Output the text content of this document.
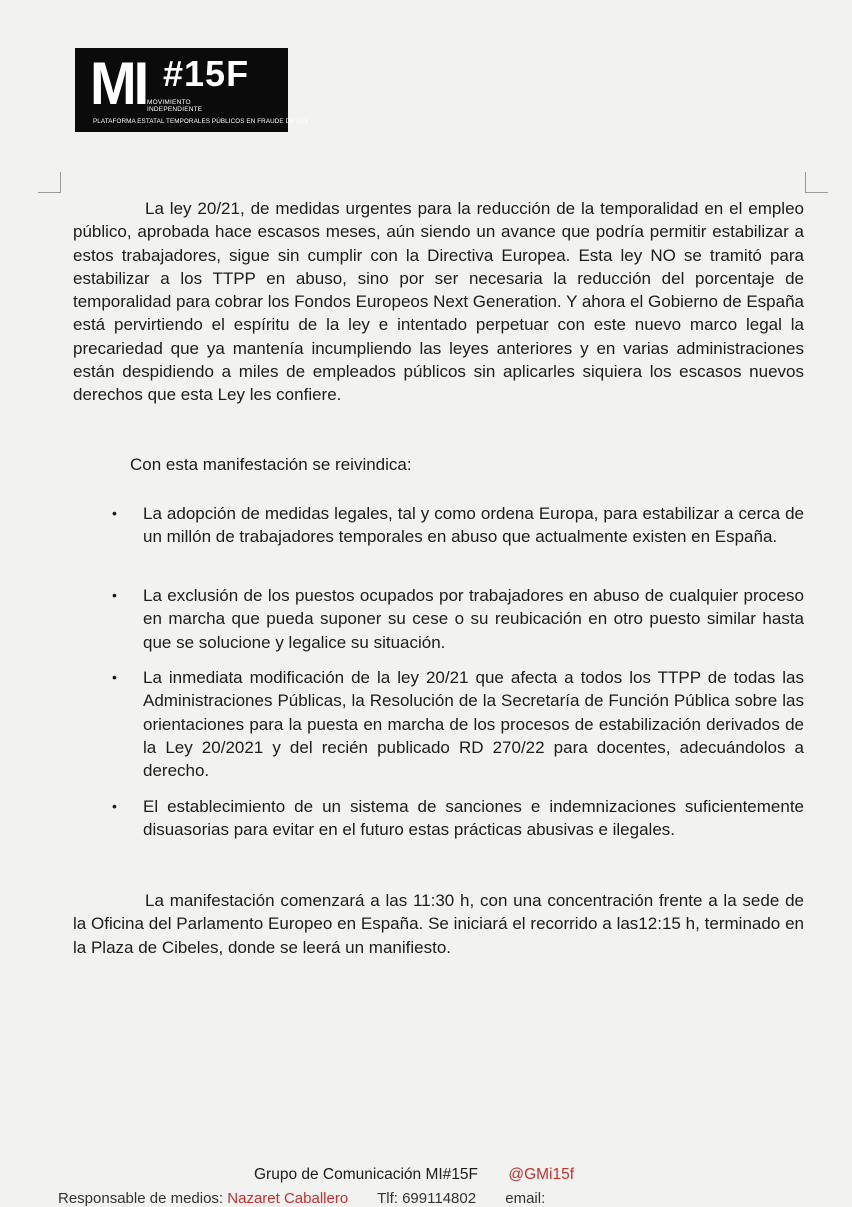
MI #15F
MOVIMIENTO INDEPENDIENTE
PLATAFORMA ESTATAL TEMPORALES PÚBLICOS EN FRAUDE DE LEY

La ley 20/21, de medidas urgentes para la reducción de la temporalidad en el empleo público, aprobada hace escasos meses, aún siendo un avance que podría permitir estabilizar a estos trabajadores, sigue sin cumplir con la Directiva Europea. Esta ley NO se tramitó para estabilizar a los TTPP en abuso, sino por ser necesaria la reducción del porcentaje de temporalidad para cobrar los Fondos Europeos Next Generation. Y ahora el Gobierno de España está pervirtiendo el espíritu de la ley e intentado perpetuar con este nuevo marco legal la precariedad que ya mantenía incumpliendo las leyes anteriores y en varias administraciones están despidiendo a miles de empleados públicos sin aplicarles siquiera los escasos nuevos derechos que esta Ley les confiere.

Con esta manifestación se reivindica:

• La adopción de medidas legales, tal y como ordena Europa, para estabilizar a cerca de un millón de trabajadores temporales en abuso que actualmente existen en España.
• La exclusión de los puestos ocupados por trabajadores en abuso de cualquier proceso en marcha que pueda suponer su cese o su reubicación en otro puesto similar hasta que se solucione y legalice su situación.
• La inmediata modificación de la ley 20/21 que afecta a todos los TTPP de todas las Administraciones Públicas, la Resolución de la Secretaría de Función Pública sobre las orientaciones para la puesta en marcha de los procesos de estabilización derivados de la Ley 20/2021 y del recién publicado RD 270/22 para docentes, adecuándolos a derecho.
• El establecimiento de un sistema de sanciones e indemnizaciones suficientemente disuasorias para evitar en el futuro estas prácticas abusivas e ilegales.

La manifestación comenzará a las 11:30 h, con una concentración frente a la sede de la Oficina del Parlamento Europeo en España. Se iniciará el recorrido a las12:15 h, terminado en la Plaza de Cibeles, donde se leerá un manifiesto.

Grupo de Comunicación MI#15F @GMi15f
Responsable de medios: Nazaret Caballero Tlf: 699114802 email:
